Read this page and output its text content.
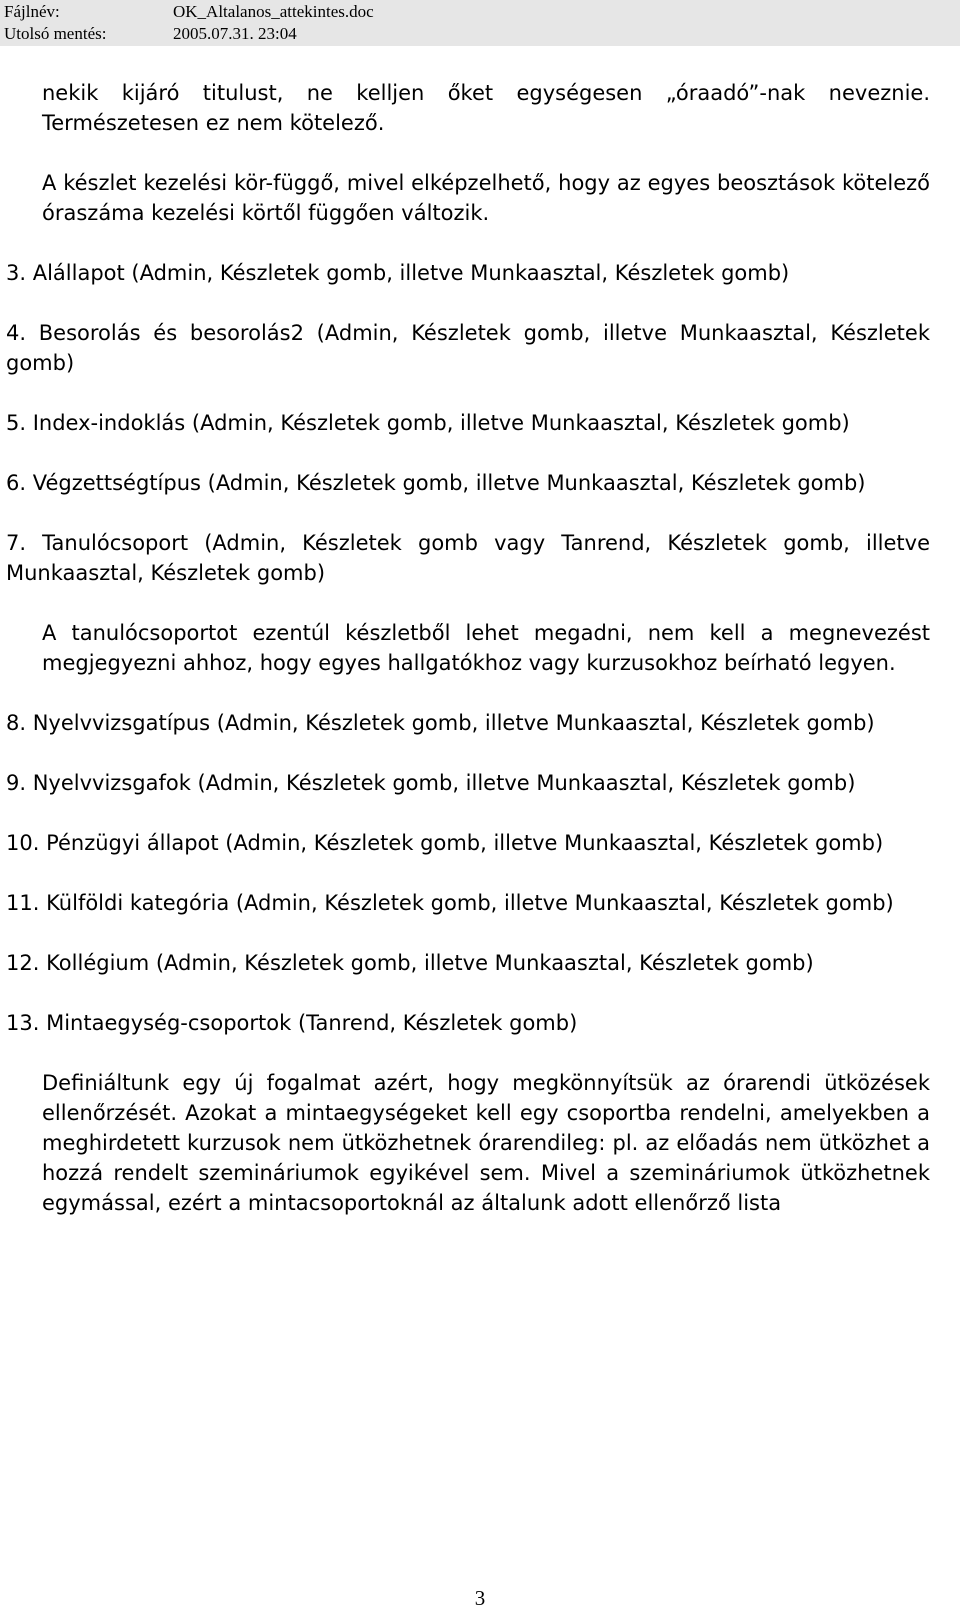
Fájlnév:	OK_Altalanos_attekintes.doc
Utolsó mentés:	2005.07.31. 23:04

nekik kijáró titulust, ne kelljen őket egységesen „óraadó”-nak neveznie. Természetesen ez nem kötelező.

A készlet kezelési kör-függő, mivel elképzelhető, hogy az egyes beosztások kötelező óraszáma kezelési körtől függően változik.

3. Alállapot (Admin, Készletek gomb, illetve Munkaasztal, Készletek gomb)

4. Besorolás és besorolás2 (Admin, Készletek gomb, illetve Munkaasztal, Készletek gomb)

5. Index-indoklás (Admin, Készletek gomb, illetve Munkaasztal, Készletek gomb)

6. Végzettségtípus (Admin, Készletek gomb, illetve Munkaasztal, Készletek gomb)

7. Tanulócsoport (Admin, Készletek gomb vagy Tanrend, Készletek gomb, illetve Munkaasztal, Készletek gomb)

A tanulócsoportot ezentúl készletből lehet megadni, nem kell a megnevezést megjegyezni ahhoz, hogy egyes hallgatókhoz vagy kurzusokhoz beírható legyen.

8. Nyelvvizsgatípus (Admin, Készletek gomb, illetve Munkaasztal, Készletek gomb)

9. Nyelvvizsgafok (Admin, Készletek gomb, illetve Munkaasztal, Készletek gomb)

10. Pénzügyi állapot (Admin, Készletek gomb, illetve Munkaasztal, Készletek gomb)

11. Külföldi kategória (Admin, Készletek gomb, illetve Munkaasztal, Készletek gomb)

12. Kollégium (Admin, Készletek gomb, illetve Munkaasztal, Készletek gomb)

13. Mintaegység-csoportok (Tanrend, Készletek gomb)

Definiáltunk egy új fogalmat azért, hogy megkönnyítsük az órarendi ütközések ellenőrzését. Azokat a mintaegységeket kell egy csoportba rendelni, amelyekben a meghirdetett kurzusok nem ütközhetnek órarendileg: pl. az előadás nem ütközhet a hozzá rendelt szemináriumok egyikével sem. Mivel a szemináriumok ütközhetnek egymással, ezért a mintacsoportoknál az általunk adott ellenőrző lista

3
